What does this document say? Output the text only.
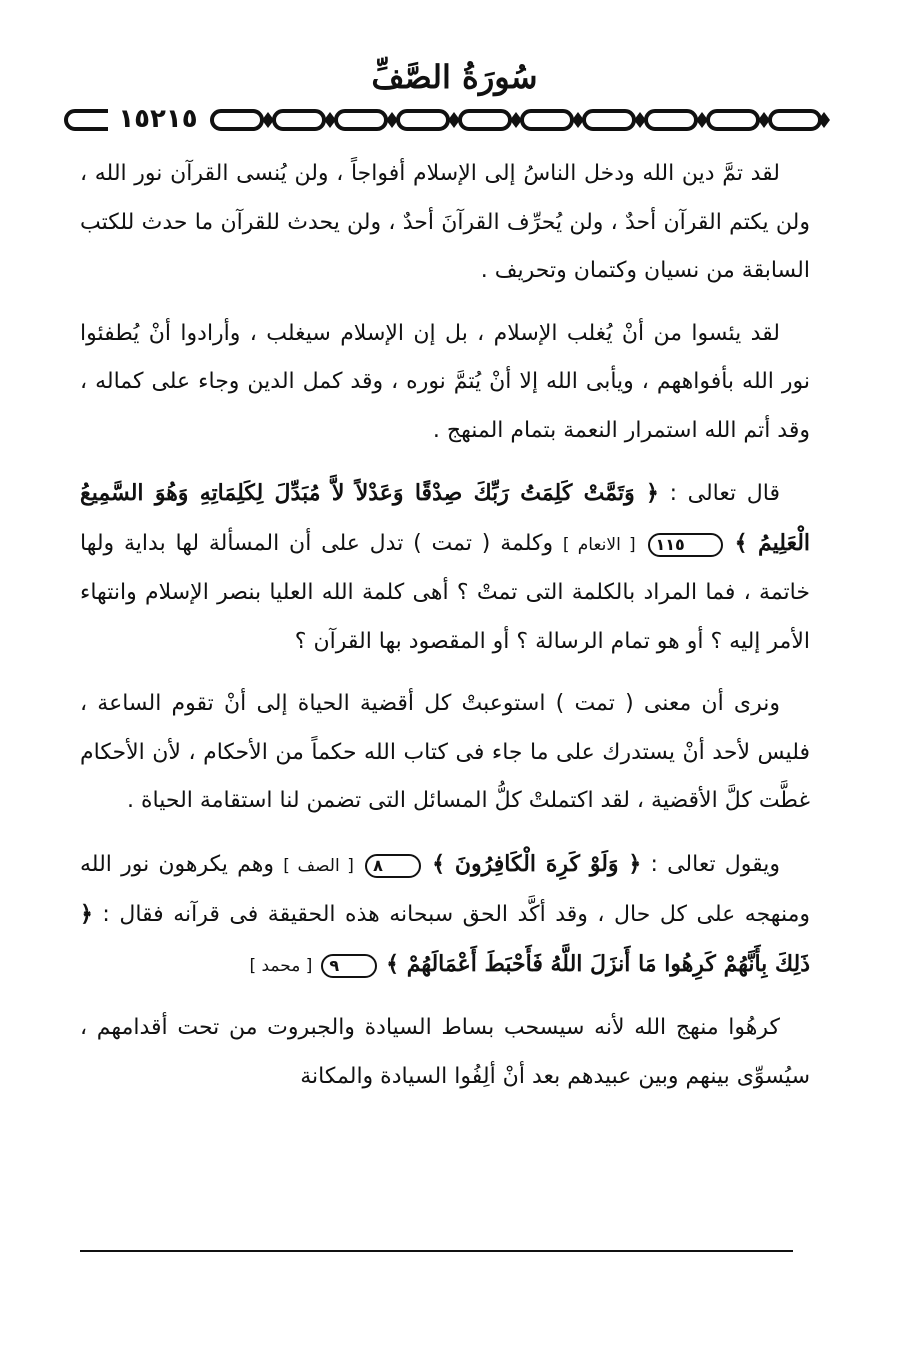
سُورَةُ الصَّفِّ
١٥٢١٥

لقد تمَّ دين الله ودخل الناسُ إلى الإسلام أفواجاً ، ولن يُنسى القرآن نور الله ، ولن يكتم القرآن أحدٌ ، ولن يُحرِّف القرآنَ أحدٌ ، ولن يحدث للقرآن ما حدث للكتب السابقة من نسيان وكتمان وتحريف .

لقد يئسوا من أنْ يُغلب الإسلام ، بل إن الإسلام سيغلب ، وأرادوا أنْ يُطفئوا نور الله بأفواههم ، ويأبى الله إلا أنْ يُتمَّ نوره ، وقد كمل الدين وجاء على كماله ، وقد أتم الله استمرار النعمة بتمام المنهج .

قال تعالى : ﴿ وَتَمَّتْ كَلِمَتُ رَبِّكَ صِدْقًا وَعَدْلاً لاَّ مُبَدِّلَ لِكَلِمَاتِهِ وَهُوَ السَّمِيعُ الْعَلِيمُ ﴾ ١١٥ [ الانعام ] وكلمة ( تمت ) تدل على أن المسألة لها بداية ولها خاتمة ، فما المراد بالكلمة التى تمتْ ؟ أهى كلمة الله العليا بنصر الإسلام وانتهاء الأمر إليه ؟ أو هو تمام الرسالة ؟ أو المقصود بها القرآن ؟

ونرى أن معنى ( تمت ) استوعبتْ كل أقضية الحياة إلى أنْ تقوم الساعة ، فليس لأحد أنْ يستدرك على ما جاء فى كتاب الله حكماً من الأحكام ، لأن الأحكام غطَّت كلَّ الأقضية ، لقد اكتملتْ كلُّ المسائل التى تضمن لنا استقامة الحياة .

ويقول تعالى : ﴿ وَلَوْ كَرِهَ الْكَافِرُونَ ﴾ ٨ [ الصف ] وهم يكرهون نور الله ومنهجه على كل حال ، وقد أكَّد الحق سبحانه هذه الحقيقة فى قرآنه فقال : ﴿ ذَلِكَ بِأَنَّهُمْ كَرِهُوا مَا أَنزَلَ اللَّهُ فَأَحْبَطَ أَعْمَالَهُمْ ﴾ ٩ [ محمد ]

كرهُوا منهج الله لأنه سيسحب بساط السيادة والجبروت من تحت أقدامهم ، سيُسوِّى بينهم وبين عبيدهم بعد أنْ ألِفُوا السيادة والمكانة
